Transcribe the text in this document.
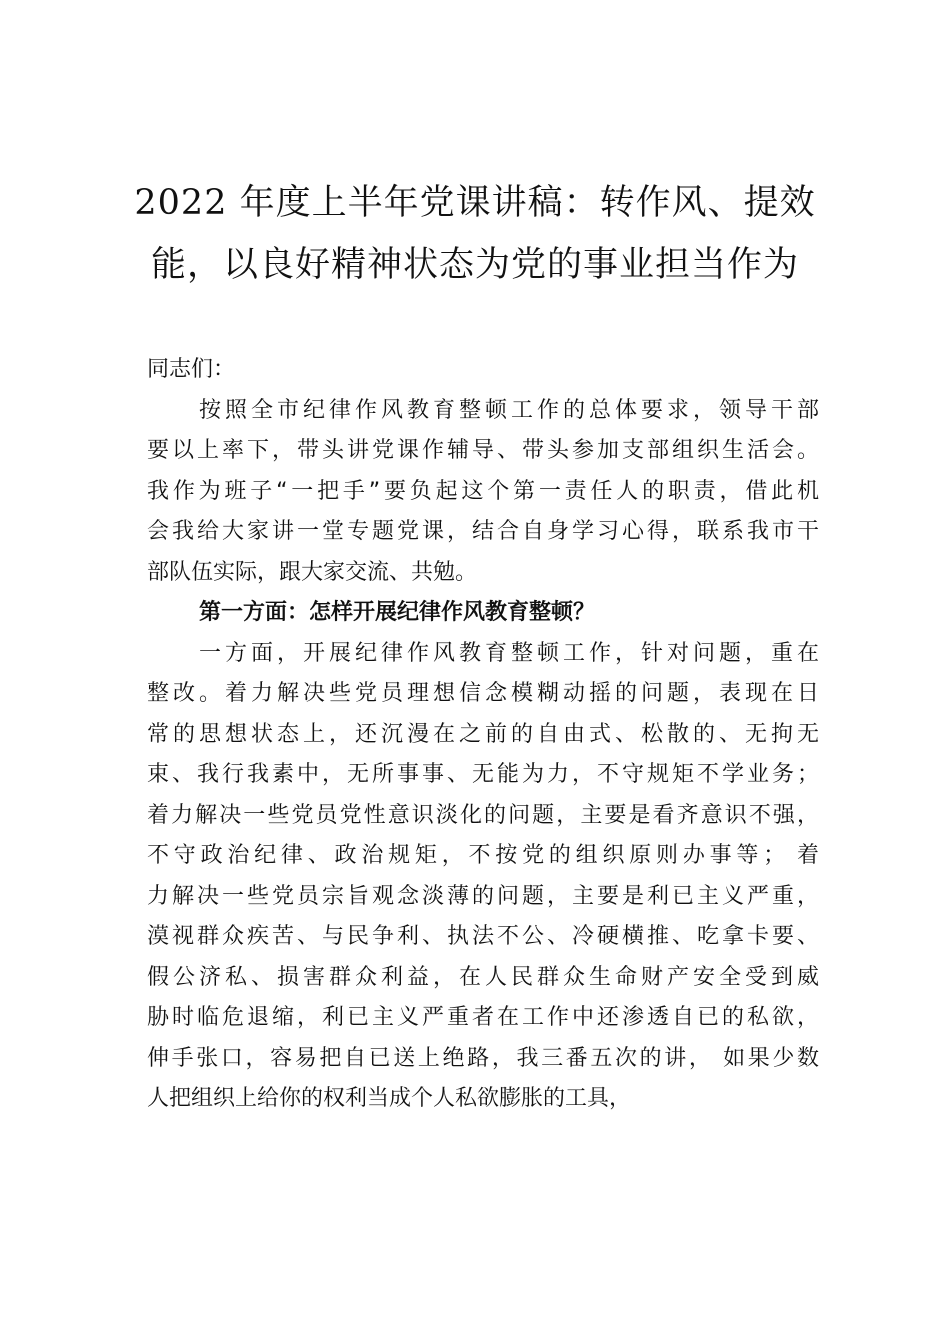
2022 年度上半年党课讲稿：转作风、提效
能，以良好精神状态为党的事业担当作为
同志们：
按照全市纪律作风教育整顿工作的总体要求，领导干部
要以上率下，带头讲党课作辅导、带头参加支部组织生活会。
我作为班子“一把手”要负起这个第一责任人的职责，借此机
会我给大家讲一堂专题党课，结合自身学习心得，联系我市干
部队伍实际，跟大家交流、共勉。
第一方面：怎样开展纪律作风教育整顿？
一方面，开展纪律作风教育整顿工作，针对问题，重在
整改。着力解决些党员理想信念模糊动摇的问题，表现在日
常的思想状态上，还沉漫在之前的自由式、松散的、无拘无
束、我行我素中，无所事事、无能为力，不守规矩不学业务；
着力解决一些党员党性意识淡化的问题，主要是看齐意识不强，
不守政治纪律、政治规矩，不按党的组织原则办事等； 着
力解决一些党员宗旨观念淡薄的问题，主要是利已主义严重，
漠视群众疾苦、与民争利、执法不公、冷硬横推、吃拿卡要、
假公济私、损害群众利益，在人民群众生命财产安全受到威
胁时临危退缩，利已主义严重者在工作中还渗透自已的私欲，
伸手张口，容易把自已送上绝路，我三番五次的讲， 如果少数
人把组织上给你的权利当成个人私欲膨胀的工具，
